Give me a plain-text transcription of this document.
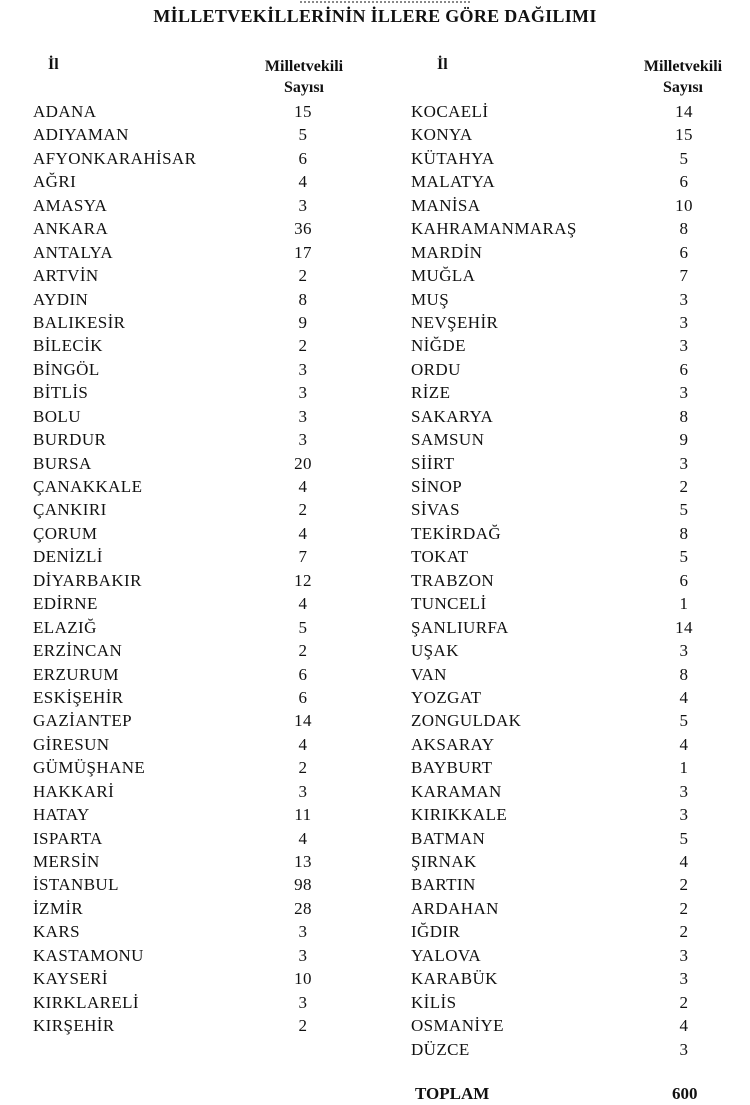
MİLLETVEKİLLERİNİN İLLERE GÖRE DAĞILIMI
İl	Milletvekili
Sayısı
İl	Milletvekili
Sayısı
ADANA	15
ADIYAMAN	5
AFYONKARAHİSAR	6
AĞRI	4
AMASYA	3
ANKARA	36
ANTALYA	17
ARTVİN	2
AYDIN	8
BALIKESİR	9
BİLECİK	2
BİNGÖL	3
BİTLİS	3
BOLU	3
BURDUR	3
BURSA	20
ÇANAKKALE	4
ÇANKIRI	2
ÇORUM	4
DENİZLİ	7
DİYARBAKIR	12
EDİRNE	4
ELAZIĞ	5
ERZİNCAN	2
ERZURUM	6
ESKİŞEHİR	6
GAZİANTEP	14
GİRESUN	4
GÜMÜŞHANE	2
HAKKARİ	3
HATAY	11
ISPARTA	4
MERSİN	13
İSTANBUL	98
İZMİR	28
KARS	3
KASTAMONU	3
KAYSERİ	10
KIRKLARELİ	3
KIRŞEHİR	2
KOCAELİ	14
KONYA	15
KÜTAHYA	5
MALATYA	6
MANİSA	10
KAHRAMANMARAŞ	8
MARDİN	6
MUĞLA	7
MUŞ	3
NEVŞEHİR	3
NİĞDE	3
ORDU	6
RİZE	3
SAKARYA	8
SAMSUN	9
SİİRT	3
SİNOP	2
SİVAS	5
TEKİRDAĞ	8
TOKAT	5
TRABZON	6
TUNCELİ	1
ŞANLIURFA	14
UŞAK	3
VAN	8
YOZGAT	4
ZONGULDAK	5
AKSARAY	4
BAYBURT	1
KARAMAN	3
KIRIKKALE	3
BATMAN	5
ŞIRNAK	4
BARTIN	2
ARDAHAN	2
IĞDIR	2
YALOVA	3
KARABÜK	3
KİLİS	2
OSMANİYE	4
DÜZCE	3
TOPLAM	600
